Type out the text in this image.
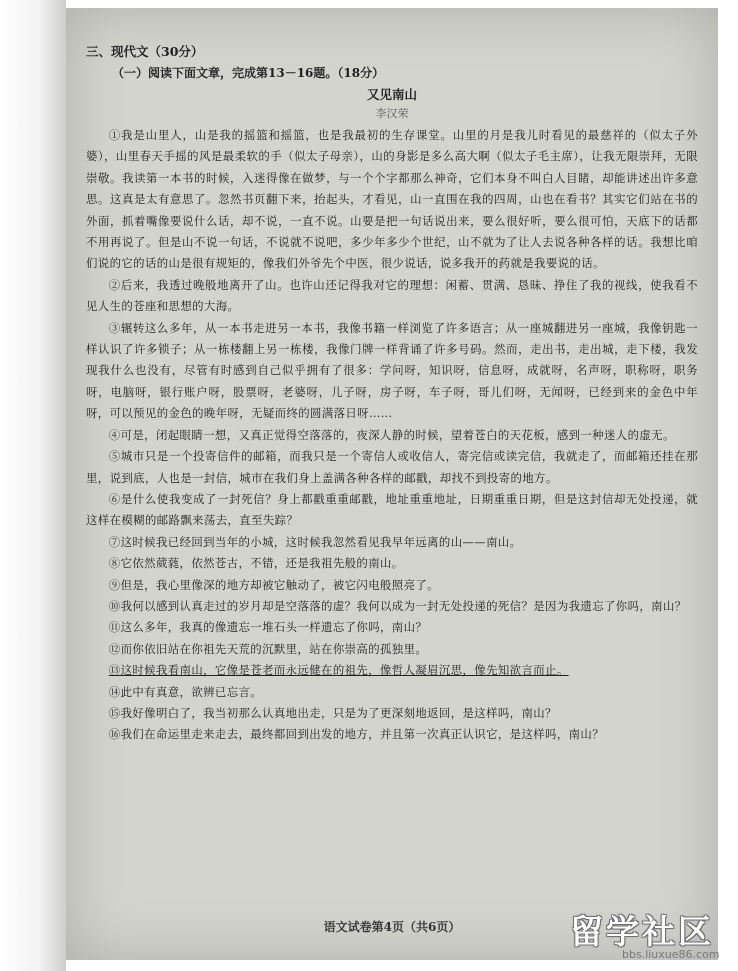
三、现代文（30分）
（一）阅读下面文章，完成第13－16题。（18分）
又见南山
李汉荣

①我是山里人，山是我的摇篮和摇篮，也是我最初的生存课堂。山里的月是我儿时看见的最慈祥的（似太子外婆），山里春天手摇的风是最柔软的手（似太子母亲），山的身影是多么高大啊（似太子毛主席），让我无限崇拜，无限崇敬。我读第一本书的时候，入迷得像在做梦，与一个个字都那么神奇，它们本身不叫白人目睹，却能讲述出许多意思。这真是太有意思了。忽然书页翻下来，抬起头，才看见，山一直围在我的四周，山也在看书？其实它们站在书的外面，抓着嘴像要说什么话，却不说，一直不说。山要是把一句话说出来，要么很好听，要么很可怕，天底下的话都不用再说了。但是山不说一句话，不说就不说吧，多少年多少个世纪，山不就为了让人去说各种各样的话。我想比咱们说的它的话的山是很有规矩的，像我们外爷先个中医，很少说话，说多我开的药就是我要说的话。

②后来，我透过晚般地离开了山。也许山还记得我对它的理想：闲蓄、贯满、恳昧、挣住了我的视线，使我看不见人生的苍座和思想的大海。

③辗转这么多年，从一本书走进另一本书，我像书籍一样浏览了许多语言；从一座城翻进另一座城，我像钥匙一样认识了许多锁子；从一栋楼翻上另一栋楼，我像门牌一样背诵了许多号码。然而，走出书，走出城，走下楼，我发现我什么也没有，尽管有时感到自己似乎拥有了很多：学问呀，知识呀，信息呀，成就呀，名声呀，职称呀，职务呀，电脑呀，银行账户呀，股票呀，老婆呀，儿子呀，房子呀，车子呀，哥儿们呀，无闻呀，已经到来的金色中年呀，可以预见的金色的晚年呀，无疑而终的圆满落日呀……

④可是，闭起眼睛一想，又真正觉得空落落的，夜深人静的时候，望着苍白的天花板，感到一种迷人的虚无。

⑤城市只是一个投寄信件的邮箱，而我只是一个寄信人或收信人，寄完信或读完信，我就走了，而邮箱还挂在那里，说到底，人也是一封信，城市在我们身上盖满各种各样的邮戳，却找不到投寄的地方。

⑥是什么使我变成了一封死信？身上都戳重重邮戳，地址重重地址，日期重重日期，但是这封信却无处投递，就这样在模糊的邮路飘来荡去，直至失踪？

⑦这时候我已经回到当年的小城，这时候我忽然看见我早年远离的山——南山。

⑧它依然葳蕤，依然苍古，不错，还是我祖先般的南山。

⑨但是，我心里像深的地方却被它触动了，被它闪电般照亮了。

⑩我何以感到认真走过的岁月却是空落落的虚？我何以成为一封无处投递的死信？是因为我遗忘了你吗，南山？

⑪这么多年，我真的像遗忘一堆石头一样遗忘了你吗，南山？

⑫而你依旧站在你祖先天荒的沉默里，站在你崇高的孤独里。

⑬这时候我看南山，它像是苍老而永远健在的祖先，像哲人凝眉沉思，像先知欲言而止。

⑭此中有真意，欲辨已忘言。

⑮我好像明白了，我当初那么认真地出走，只是为了更深刻地返回，是这样吗，南山？

⑯我们在命运里走来走去，最终都回到出发的地方，并且第一次真正认识它，是这样吗，南山？

语文试卷第4页（共6页）	留学社区
bbs.liuxue86.com
